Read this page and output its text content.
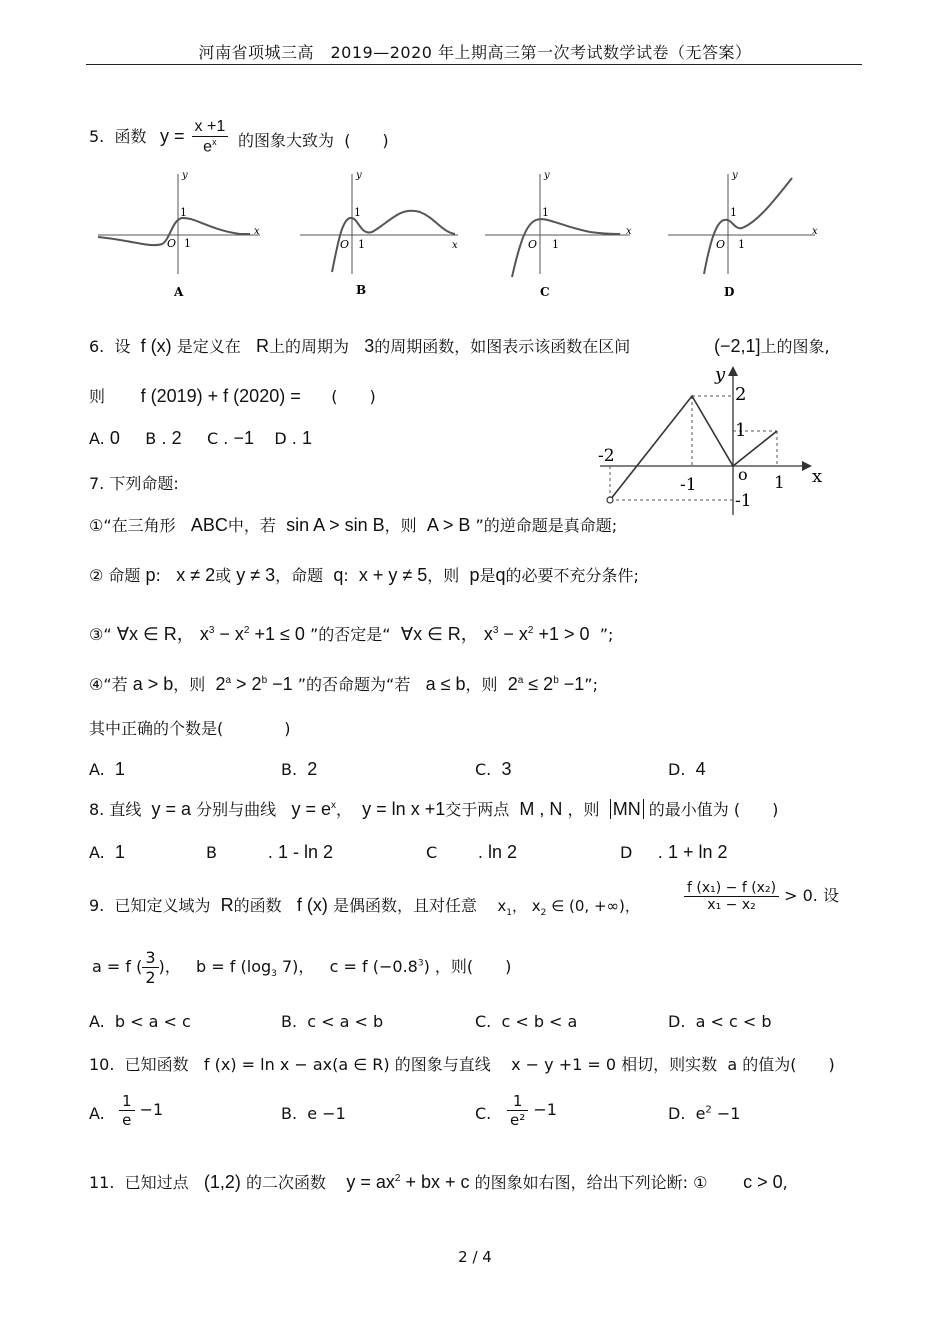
河南省项城三高　2019—2020 年上期高三第一次考试数学试卷（无答案）
5. 函数 $y = \frac{x +1}{e^x}$ 的图象大致为 (　　)
x
y
O 1
1
A
x
y
O 1
1
B
x
y
O 1
1
C
x
y
O 1
1
D
6. 设 f (x) 是定义在 R上的周期为 3的周期函数，如图表示该函数在区间	(−2,1]上的图象,
则 f (2019) + f (2020) = (　　)
A. 0 B . 2 C . −1 D . 1
y
x
2
1
-2
-1
o 1
-1
7. 下列命题:
①“在三角形 ABC中，若 sin A > sin B，则 A > B ”的逆命题是真命题;
② 命题 p: x ≠ 2或 y ≠ 3，命题 q: x + y ≠ 5，则 p是q的必要不充分条件;
③“ ∀x ∈ R， $x^3 - x^2 +1 \le 0$ ”的否定是“ ∀x ∈ R， $x^3 - x^2 +1 > 0$ ”;
④“若 a > b，则 $2^a > 2^b -1$ ”的否命题为“若 a ≤ b，则 $2^a \le 2^b -1$”;
其中正确的个数是(	)
A. 1	B. 2	C. 3	D. 4
8. 直线 y = a 分别与曲线 $y = e^x$， y = ln x +1交于两点 M , N ，则 MN 的最小值为 (　　)
A. 1	B	. 1 - ln 2	C	. ln 2	D . 1 + ln 2
9. 已知定义域为 R的函数 f (x) 是偶函数，且对任意 $x_1$， $x_2$ ∈ (0, +∞)，	$\frac{\text{f (x₁) − f (x₂)}}{\text{x₁ − x₂}} > 0$. 设
a = f ( $\frac{3}{2}$ )，   b = f ($\log_3$ 7)，   c = f $(-0.8^3)$ ，则(　　)
A. b < a < c	B. c < a < b	C. c < b < a	D. a < c < b
10. 已知函数 f (x) = ln x − ax(a ∈ R) 的图象与直线 x − y +1 = 0 相切，则实数 a 的值为(　　)
A. $\frac{1}{e} -1$	B. e −1	C. $\frac{1}{\text{e²}} -1$	D. $e^2 -1$
11. 已知过点 (1,2) 的二次函数 $y = ax^2$ + bx + c 的图象如右图，给出下列论断: ① c > 0,
2 / 4
